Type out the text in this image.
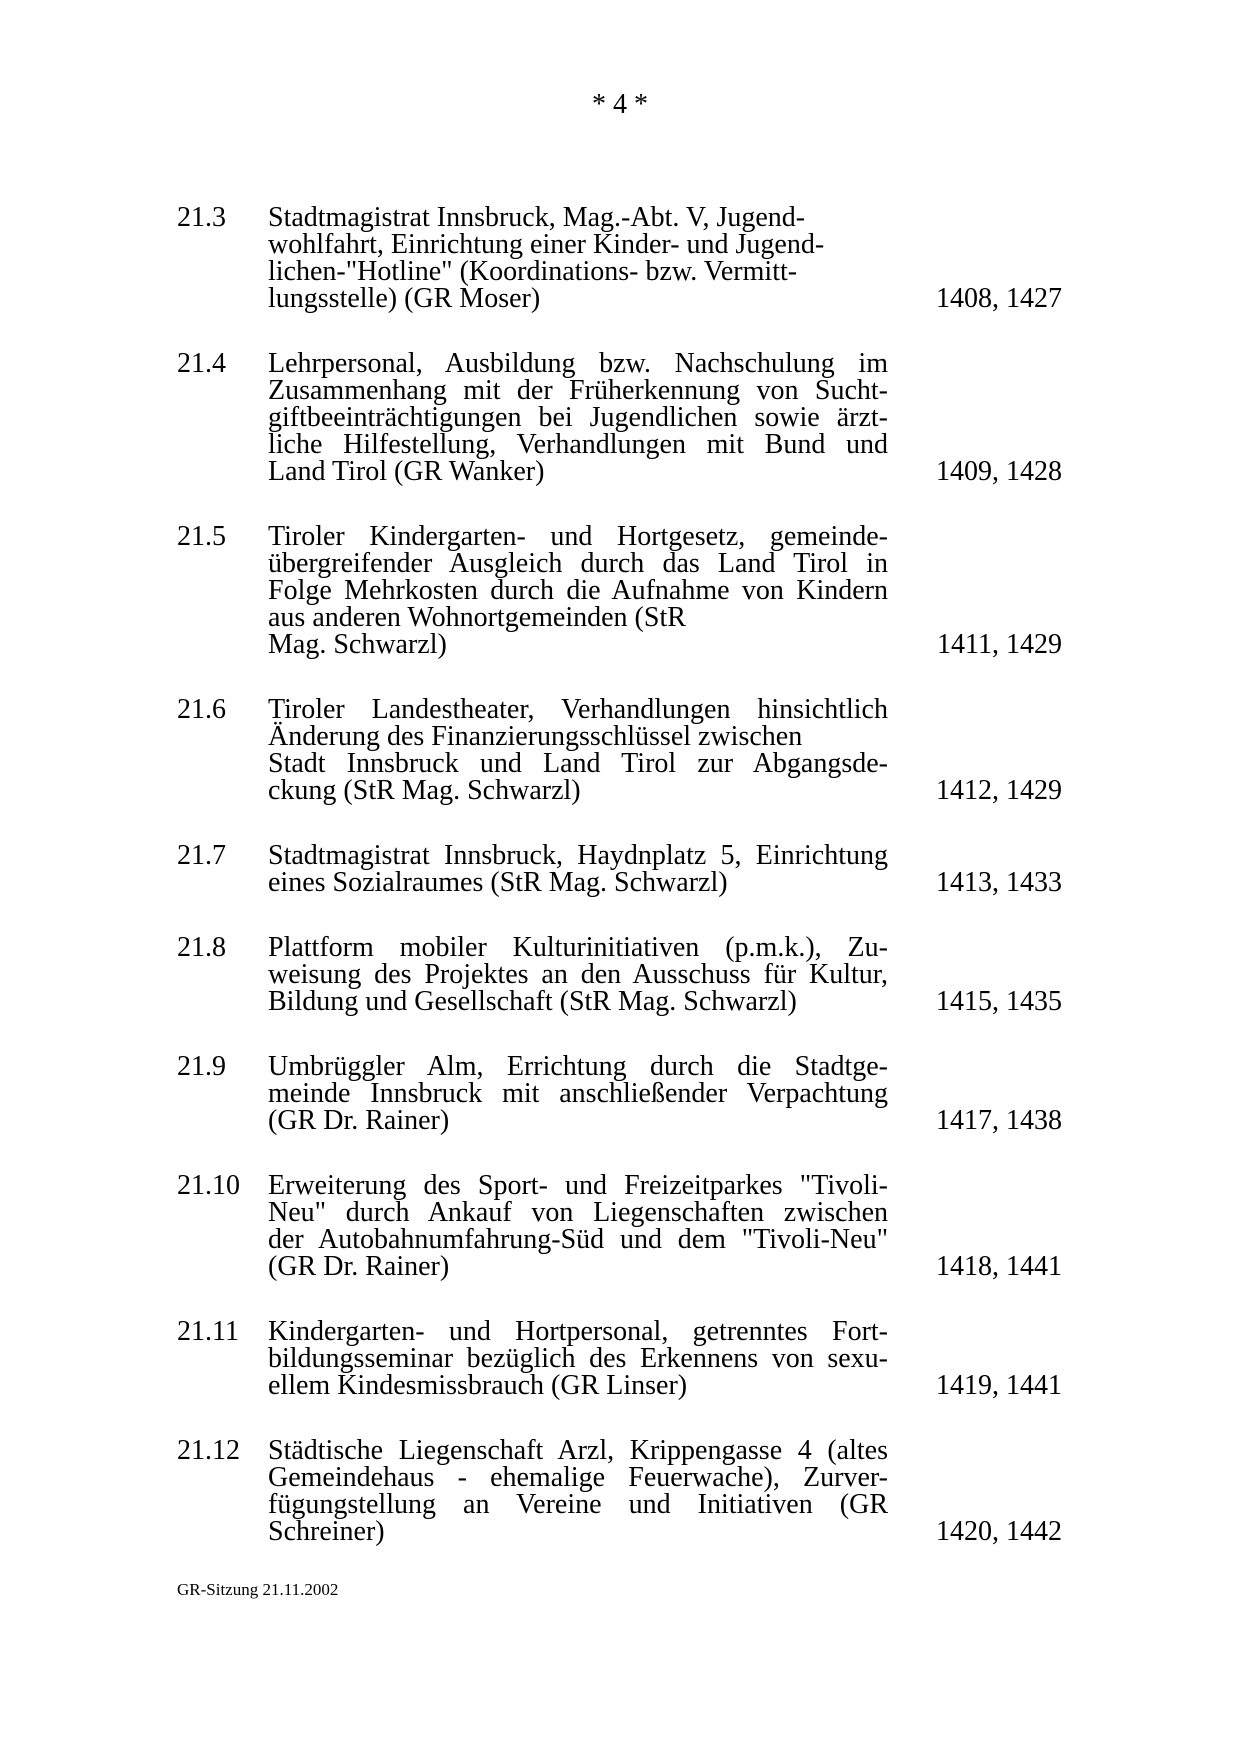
* 4 *
21.3 Stadtmagistrat Innsbruck, Mag.-Abt. V, Jugend-
wohlfahrt, Einrichtung einer Kinder- und Jugend-
lichen-"Hotline" (Koordinations- bzw. Vermitt-
lungsstelle) (GR Moser)	1408, 1427
21.4 Lehrpersonal, Ausbildung bzw. Nachschulung im
Zusammenhang mit der Früherkennung von Sucht-
giftbeeinträchtigungen bei Jugendlichen sowie ärzt-
liche Hilfestellung, Verhandlungen mit Bund und
Land Tirol (GR Wanker)	1409, 1428
21.5 Tiroler Kindergarten- und Hortgesetz, gemeinde-
übergreifender Ausgleich durch das Land Tirol in
Folge Mehrkosten durch die Aufnahme von Kindern
aus anderen Wohnortgemeinden (StR
Mag. Schwarzl)	1411, 1429
21.6 Tiroler Landestheater, Verhandlungen hinsichtlich
Änderung des Finanzierungsschlüssel zwischen
Stadt Innsbruck und Land Tirol zur Abgangsde-
ckung (StR Mag. Schwarzl)	1412, 1429
21.7 Stadtmagistrat Innsbruck, Haydnplatz 5, Einrichtung
eines Sozialraumes (StR Mag. Schwarzl)	1413, 1433
21.8 Plattform mobiler Kulturinitiativen (p.m.k.), Zu-
weisung des Projektes an den Ausschuss für Kultur,
Bildung und Gesellschaft (StR Mag. Schwarzl)	1415, 1435
21.9 Umbrüggler Alm, Errichtung durch die Stadtge-
meinde Innsbruck mit anschließender Verpachtung
(GR Dr. Rainer)	1417, 1438
21.10 Erweiterung des Sport- und Freizeitparkes "Tivoli-
Neu" durch Ankauf von Liegenschaften zwischen
der Autobahnumfahrung-Süd und dem "Tivoli-Neu"
(GR Dr. Rainer)	1418, 1441
21.11 Kindergarten- und Hortpersonal, getrenntes Fort-
bildungsseminar bezüglich des Erkennens von sexu-
ellem Kindesmissbrauch (GR Linser)	1419, 1441
21.12 Städtische Liegenschaft Arzl, Krippengasse 4 (altes
Gemeindehaus - ehemalige Feuerwache), Zurver-
fügungstellung an Vereine und Initiativen (GR
Schreiner)	1420, 1442
GR-Sitzung 21.11.2002
